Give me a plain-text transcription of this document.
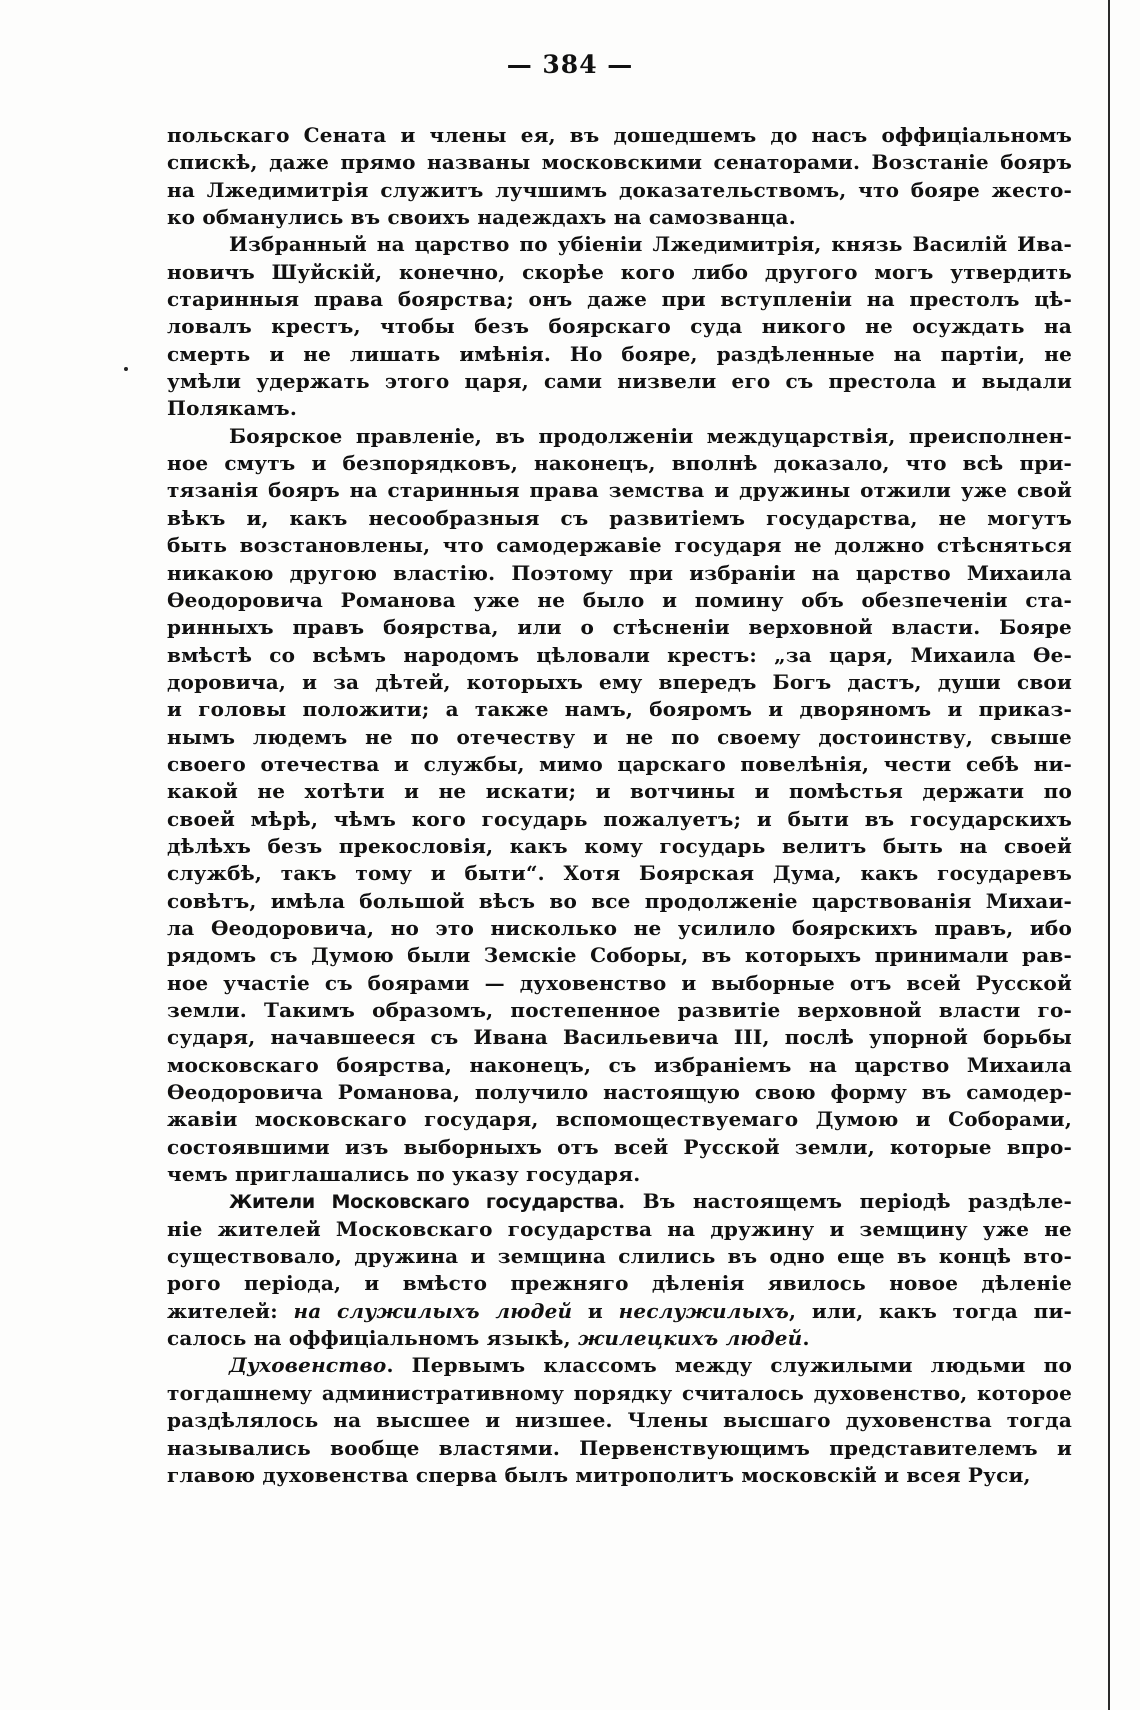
— 384 —
польскаго Сената и члены ея, въ дошедшемъ до насъ оффиціальномъ
спискѣ, даже прямо названы московскими сенаторами. Возстаніе бояръ
на Лжедимитрія служитъ лучшимъ доказательствомъ, что бояре жесто-
ко обманулись въ своихъ надеждахъ на самозванца.
Избранный на царство по убіеніи Лжедимитрія, князь Василій Ива-
новичъ Шуйскій, конечно, скорѣе кого либо другого могъ утвердить
старинныя права боярства; онъ даже при вступленіи на престолъ цѣ-
ловалъ крестъ, чтобы безъ боярскаго суда никого не осуждать на
смерть и не лишать имѣнія. Но бояре, раздѣленные на партіи, не
умѣли удержать этого царя, сами низвели его съ престола и выдали
Полякамъ.
Боярское правленіе, въ продолженіи междуцарствія, преисполнен-
ное смутъ и безпорядковъ, наконецъ, вполнѣ доказало, что всѣ при-
тязанія бояръ на старинныя права земства и дружины отжили уже свой
вѣкъ и, какъ несообразныя съ развитіемъ государства, не могутъ
быть возстановлены, что самодержавіе государя не должно стѣсняться
никакою другою властію. Поэтому при избраніи на царство Михаила
Ѳеодоровича Романова уже не было и помину объ обезпеченіи ста-
ринныхъ правъ боярства, или о стѣсненіи верховной власти. Бояре
вмѣстѣ со всѣмъ народомъ цѣловали крестъ: „за царя, Михаила Ѳе-
доровича, и за дѣтей, которыхъ ему впередъ Богъ дастъ, души свои
и головы положити; а также намъ, бояромъ и дворяномъ и приказ-
нымъ людемъ не по отечеству и не по своему достоинству, свыше
своего отечества и службы, мимо царскаго повелѣнія, чести себѣ ни-
какой не хотѣти и не искати; и вотчины и помѣстья держати по
своей мѣрѣ, чѣмъ кого государь пожалуетъ; и быти въ государскихъ
дѣлѣхъ безъ прекословія, какъ кому государь велитъ быть на своей
службѣ, такъ тому и быти“. Хотя Боярская Дума, какъ государевъ
совѣтъ, имѣла большой вѣсъ во все продолженіе царствованія Михаи-
ла Ѳеодоровича, но это нисколько не усилило боярскихъ правъ, ибо
рядомъ съ Думою были Земскіе Соборы, въ которыхъ принимали рав-
ное участіе съ боярами — духовенство и выборные отъ всей Русской
земли. Такимъ образомъ, постепенное развитіе верховной власти го-
сударя, начавшееся съ Ивана Васильевича III, послѣ упорной борьбы
московскаго боярства, наконецъ, съ избраніемъ на царство Михаила
Ѳеодоровича Романова, получило настоящую свою форму въ самодер-
жавіи московскаго государя, вспомоществуемаго Думою и Соборами,
состоявшими изъ выборныхъ отъ всей Русской земли, которые впро-
чемъ приглашались по указу государя.
Жители Московскаго государства. Въ настоящемъ періодѣ раздѣле-
ніе жителей Московскаго государства на дружину и земщину уже не
существовало, дружина и земщина слились въ одно еще въ концѣ вто-
рого періода, и вмѣсто прежняго дѣленія явилось новое дѣленіе
жителей: на служилыхъ людей и неслужилыхъ, или, какъ тогда пи-
салось на оффиціальномъ языкѣ, жилецкихъ людей.
Духовенство. Первымъ классомъ между служилыми людьми по
тогдашнему административному порядку считалось духовенство, которое
раздѣлялось на высшее и низшее. Члены высшаго духовенства тогда
назывались вообще властями. Первенствующимъ представителемъ и
главою духовенства сперва былъ митрополитъ московскій и всея Руси,
